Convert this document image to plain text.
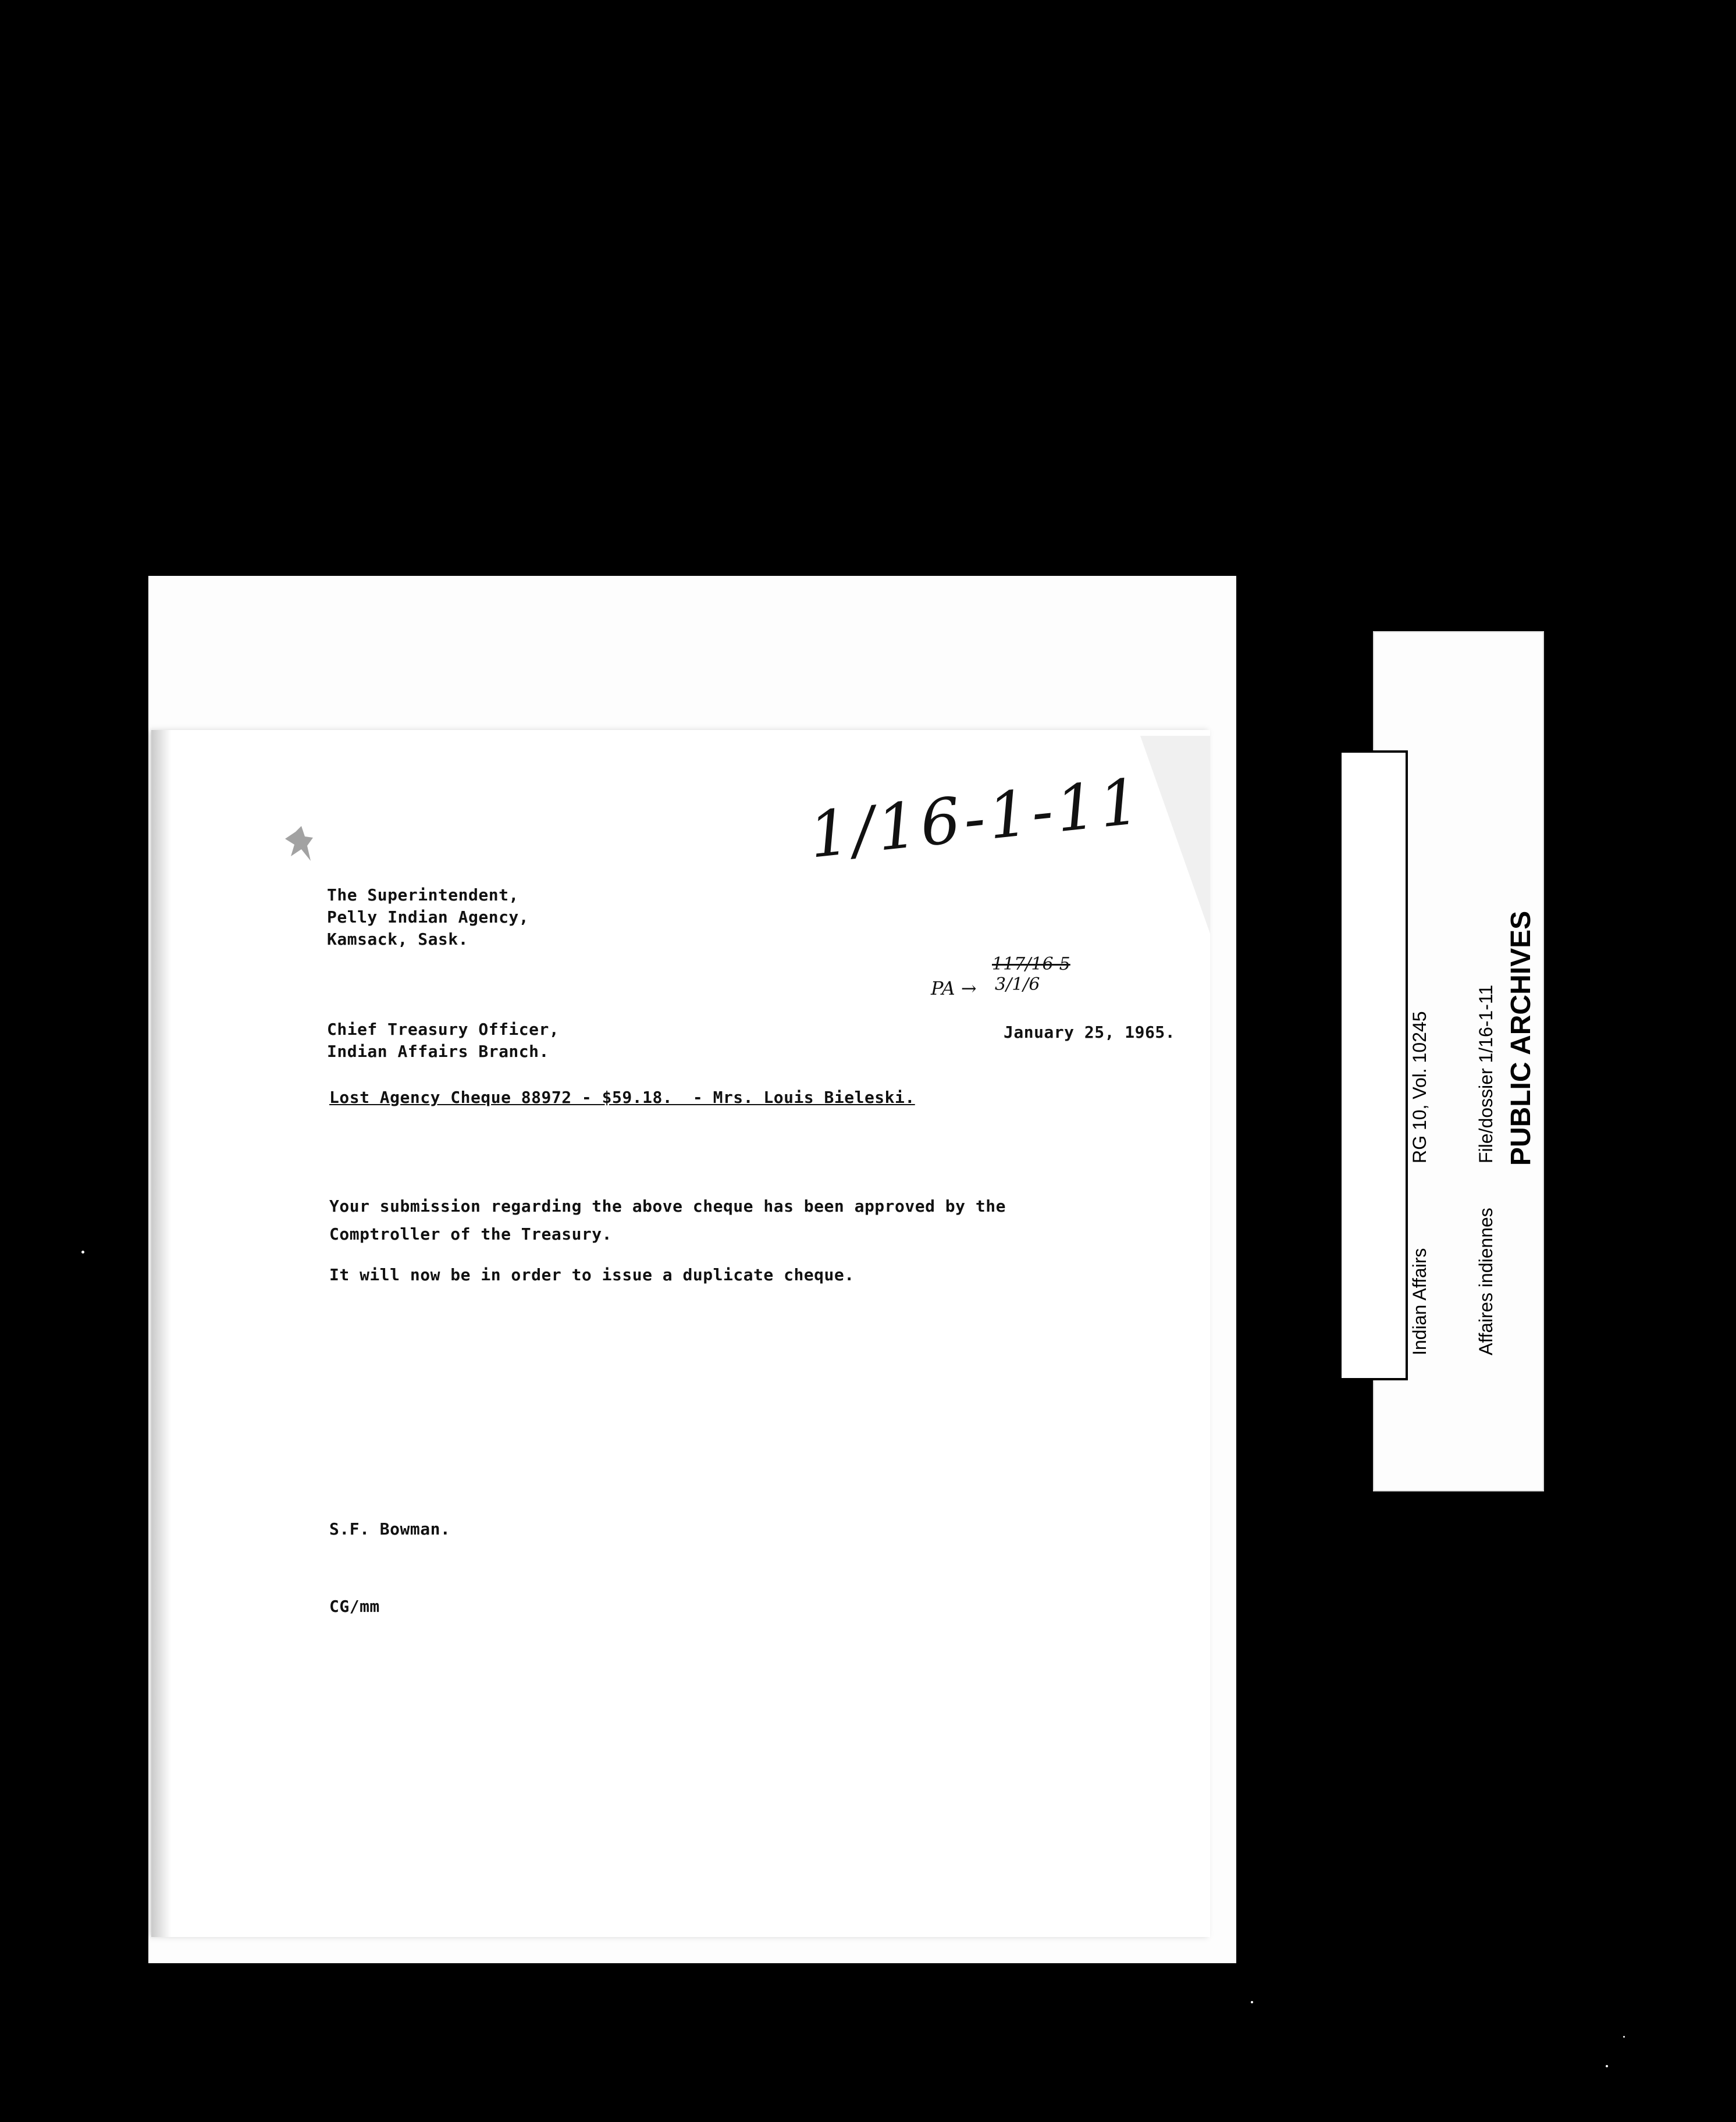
1/16-1-11
117/16-5
PA → 3/1/6
The Superintendent,
Pelly Indian Agency,
Kamsack, Sask.
Chief Treasury Officer,
Indian Affairs Branch.
January 25, 1965.
Lost Agency Cheque 88972 - $59.18.  - Mrs. Louis Bieleski.
Your submission regarding the above cheque has been approved by the
Comptroller of the Treasury.
It will now be in order to issue a duplicate cheque.
S.F. Bowman.
CG/mm

RG 10, Vol. 10245

File/dossier 1/16-1-11

Part/partie 1

Indian Affairs

Affaires indiennes

PUBLIC ARCHIVES

ARCHIVES PUBLIQUES

CANADA
